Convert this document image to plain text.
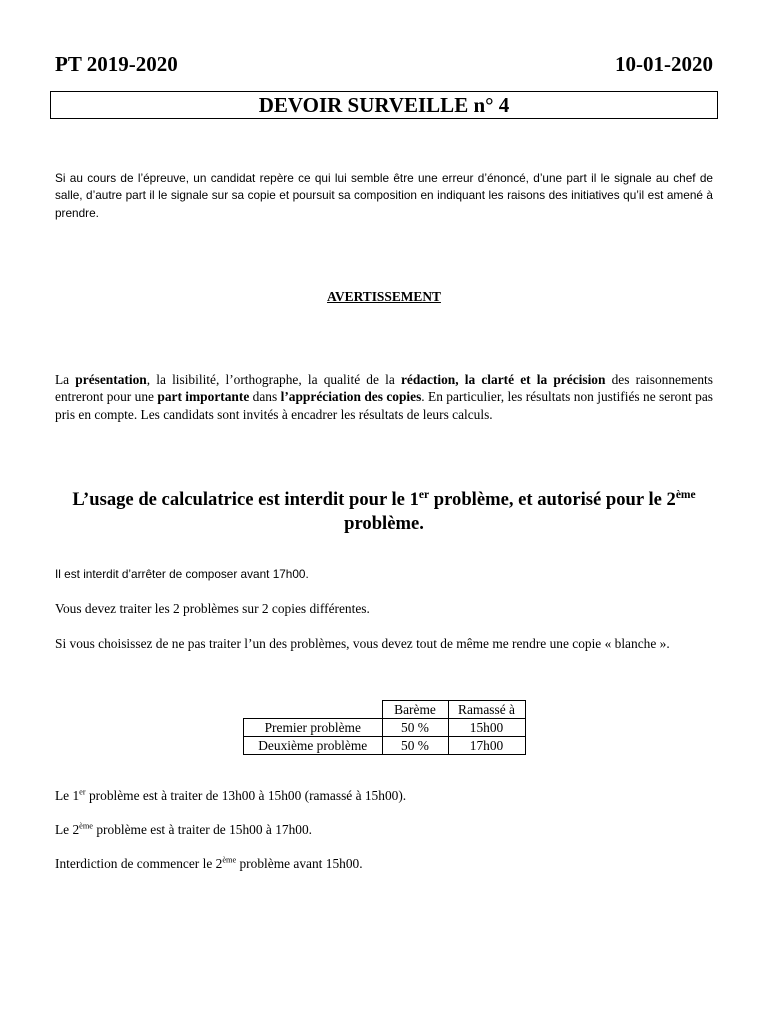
PT 2019-2020	10-01-2020
DEVOIR SURVEILLE n° 4
Si au cours de l’épreuve, un candidat repère ce qui lui semble être une erreur d’énoncé, d’une part il le signale au chef de salle, d’autre part il le signale sur sa copie et poursuit sa composition en indiquant les raisons des initiatives qu’il est amené à prendre.
AVERTISSEMENT
La présentation, la lisibilité, l’orthographe, la qualité de la rédaction, la clarté et la précision des raisonnements entreront pour une part importante dans l’appréciation des copies. En particulier, les résultats non justifiés ne seront pas pris en compte. Les candidats sont invités à encadrer les résultats de leurs calculs.
L’usage de calculatrice est interdit pour le 1er problème, et autorisé pour le 2ème problème.
Il est interdit d’arrêter de composer avant 17h00.
Vous devez traiter les 2 problèmes sur 2 copies différentes.
Si vous choisissez de ne pas traiter l’un des problèmes, vous devez tout de même me rendre une copie « blanche ».
	Barème	Ramassé à
Premier problème	50 %	15h00
Deuxième problème	50 %	17h00
Le 1er problème est à traiter de 13h00 à 15h00 (ramassé à 15h00).
Le 2ème problème est à traiter de 15h00 à 17h00.
Interdiction de commencer le 2ème problème avant 15h00.
